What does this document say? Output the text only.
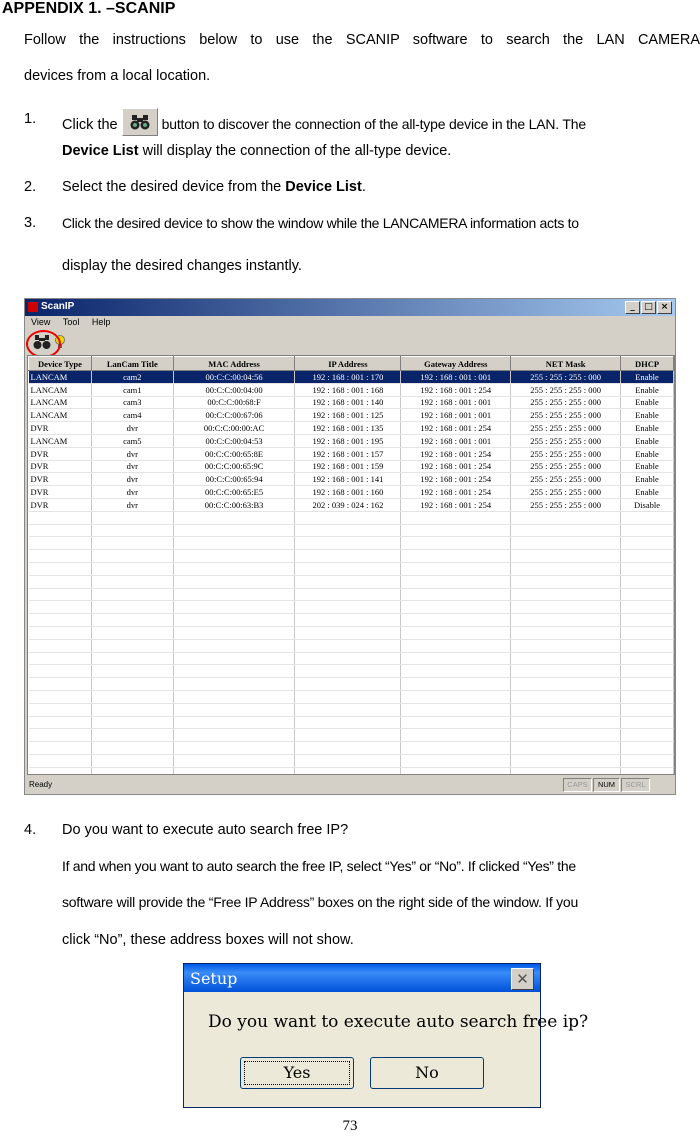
APPENDIX 1. –SCANIP
Follow the instructions below to use the SCANIP software to search the LAN CAMERA
devices from a local location.
1. Click the	button to discover the connection of the all-type device in the LAN. The
Device List will display the connection of the all-type device.
2. Select the desired device from the Device List.
3. Click the desired device to show the window while the LANCAMERA information acts to
display the desired changes instantly.
ScanIP	_	□ ×
View Tool Help
Device Type	LanCam Title	MAC Address	IP Address	Gateway Address	NET Mask	DHCP
LANCAM	cam2	00:C:C:00:04:56	192 : 168 : 001 : 170	192 : 168 : 001 : 001	255 : 255 : 255 : 000	Enable
LANCAM	cam1	00:C:C:00:04:00	192 : 168 : 001 : 168	192 : 168 : 001 : 254	255 : 255 : 255 : 000	Enable
LANCAM	cam3	00:C:C:00:68:F	192 : 168 : 001 : 140	192 : 168 : 001 : 001	255 : 255 : 255 : 000	Enable
LANCAM	cam4	00:C:C:00:67:06	192 : 168 : 001 : 125	192 : 168 : 001 : 001	255 : 255 : 255 : 000	Enable
DVR	dvr	00:C:C:00:00:AC	192 : 168 : 001 : 135	192 : 168 : 001 : 254	255 : 255 : 255 : 000	Enable
LANCAM	cam5	00:C:C:00:04:53	192 : 168 : 001 : 195	192 : 168 : 001 : 001	255 : 255 : 255 : 000	Enable
DVR	dvr	00:C:C:00:65:8E	192 : 168 : 001 : 157	192 : 168 : 001 : 254	255 : 255 : 255 : 000	Enable
DVR	dvr	00:C:C:00:65:9C	192 : 168 : 001 : 159	192 : 168 : 001 : 254	255 : 255 : 255 : 000	Enable
DVR	dvr	00:C:C:00:65:94	192 : 168 : 001 : 141	192 : 168 : 001 : 254	255 : 255 : 255 : 000	Enable
DVR	dvr	00:C:C:00:65:E5	192 : 168 : 001 : 160	192 : 168 : 001 : 254	255 : 255 : 255 : 000	Enable
DVR	dvr	00:C:C:00:63:B3	202 : 039 : 024 : 162	192 : 168 : 001 : 254	255 : 255 : 255 : 000	Disable

Ready	CAPS	NUM	SCRL
4. Do you want to execute auto search free IP?
If and when you want to auto search the free IP, select “Yes” or “No”. If clicked “Yes” the
software will provide the “Free IP Address” boxes on the right side of the window. If you
click “No”, these address boxes will not show.
Setup	✕
Do you want to execute auto search free ip?
Yes	No
73
